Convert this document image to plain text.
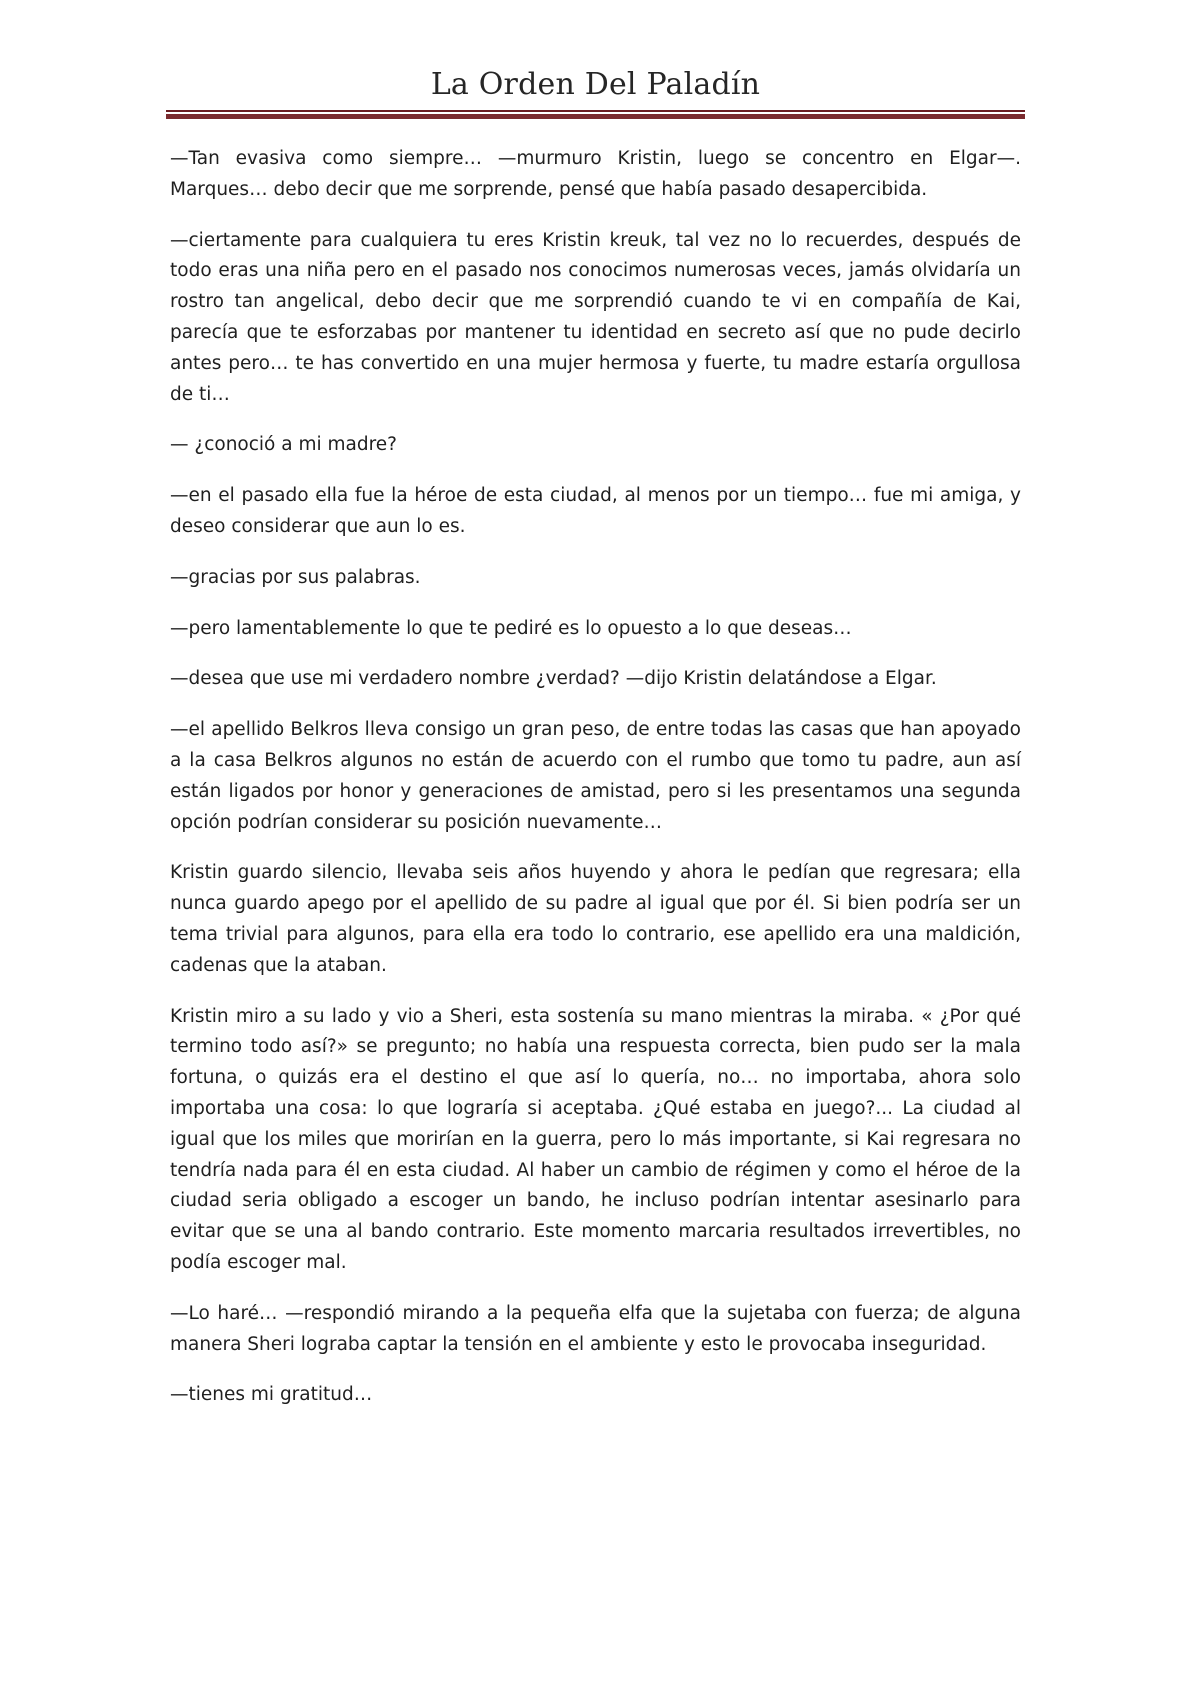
La Orden Del Paladín

—Tan evasiva como siempre… —murmuro Kristin, luego se concentro en Elgar—. Marques… debo decir que me sorprende, pensé que había pasado desapercibida.

—ciertamente para cualquiera tu eres Kristin kreuk, tal vez no lo recuerdes, después de todo eras una niña pero en el pasado nos conocimos numerosas veces, jamás olvidaría un rostro tan angelical, debo decir que me sorprendió cuando te vi en compañía de Kai, parecía que te esforzabas por mantener tu identidad en secreto así que no pude decirlo antes pero… te has convertido en una mujer hermosa y fuerte, tu madre estaría orgullosa de ti…

— ¿conoció a mi madre?

—en el pasado ella fue la héroe de esta ciudad, al menos por un tiempo… fue mi amiga, y deseo considerar que aun lo es.

—gracias por sus palabras.

—pero lamentablemente lo que te pediré es lo opuesto a lo que deseas…

—desea que use mi verdadero nombre ¿verdad? —dijo Kristin delatándose a Elgar.

—el apellido Belkros lleva consigo un gran peso, de entre todas las casas que han apoyado a la casa Belkros algunos no están de acuerdo con el rumbo que tomo tu padre, aun así están ligados por honor y generaciones de amistad, pero si les presentamos una segunda opción podrían considerar su posición nuevamente…

Kristin guardo silencio, llevaba seis años huyendo y ahora le pedían que regresara; ella nunca guardo apego por el apellido de su padre al igual que por él. Si bien podría ser un tema trivial para algunos, para ella era todo lo contrario, ese apellido era una maldición, cadenas que la ataban.

Kristin miro a su lado y vio a Sheri, esta sostenía su mano mientras la miraba. « ¿Por qué termino todo así?» se pregunto; no había una respuesta correcta, bien pudo ser la mala fortuna, o quizás era el destino el que así lo quería, no… no importaba, ahora solo importaba una cosa: lo que lograría si aceptaba. ¿Qué estaba en juego?... La ciudad al igual que los miles que morirían en la guerra, pero lo más importante, si Kai regresara no tendría nada para él en esta ciudad. Al haber un cambio de régimen y como el héroe de la ciudad seria obligado a escoger un bando, he incluso podrían intentar asesinarlo para evitar que se una al bando contrario. Este momento marcaria resultados irrevertibles, no podía escoger mal.

—Lo haré… —respondió mirando a la pequeña elfa que la sujetaba con fuerza; de alguna manera Sheri lograba captar la tensión en el ambiente y esto le provocaba inseguridad.

—tienes mi gratitud…
